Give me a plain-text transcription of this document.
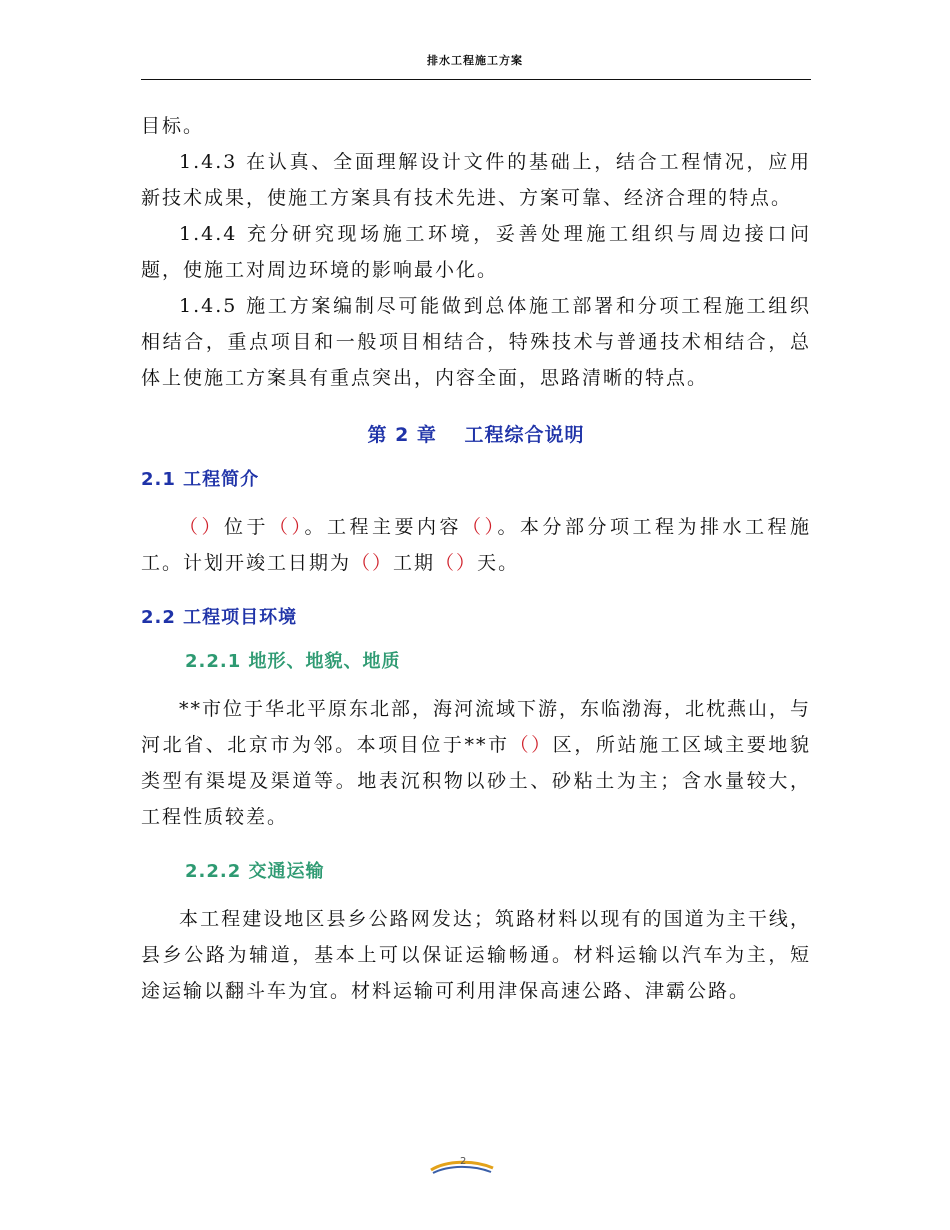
排水工程施工方案

目标。

1.4.3 在认真、全面理解设计文件的基础上，结合工程情况，应用新技术成果，使施工方案具有技术先进、方案可靠、经济合理的特点。

1.4.4 充分研究现场施工环境，妥善处理施工组织与周边接口问题，使施工对周边环境的影响最小化。

1.4.5 施工方案编制尽可能做到总体施工部署和分项工程施工组织相结合，重点项目和一般项目相结合，特殊技术与普通技术相结合，总体上使施工方案具有重点突出，内容全面，思路清晰的特点。

第 2 章　 工程综合说明
2.1 工程简介

（）位于（）。工程主要内容（）。本分部分项工程为排水工程施工。计划开竣工日期为（）工期（）天。

2.2 工程项目环境
2.2.1 地形、地貌、地质

**市位于华北平原东北部，海河流域下游，东临渤海，北枕燕山，与河北省、北京市为邻。本项目位于**市（）区，所站施工区域主要地貌类型有渠堤及渠道等。地表沉积物以砂土、砂粘土为主；含水量较大，工程性质较差。

2.2.2 交通运输

本工程建设地区县乡公路网发达；筑路材料以现有的国道为主干线，县乡公路为辅道，基本上可以保证运输畅通。材料运输以汽车为主，短途运输以翻斗车为宜。材料运输可利用津保高速公路、津霸公路。

2
